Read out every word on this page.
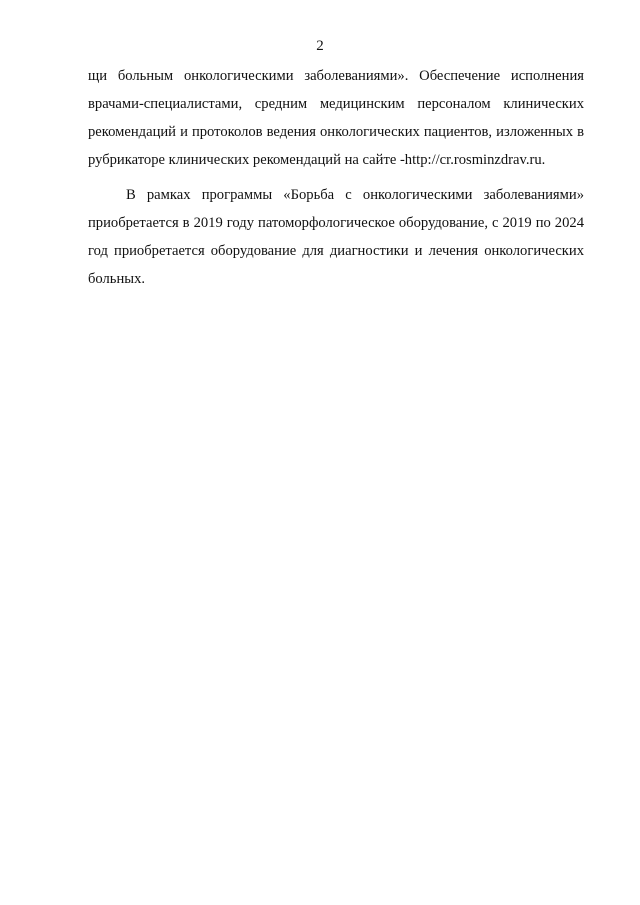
2

щи больным онкологическими заболеваниями». Обеспечение исполнения врачами-специалистами, средним медицинским персоналом клинических рекомендаций и протоколов ведения онкологических пациентов, изложенных в рубрикаторе клинических рекомендаций на сайте -http://cr.rosminzdrav.ru.

В рамках программы «Борьба с онкологическими заболеваниями» приобретается в 2019 году патоморфологическое оборудование, с 2019 по 2024 год приобретается оборудование для диагностики и лечения онкологических больных.
